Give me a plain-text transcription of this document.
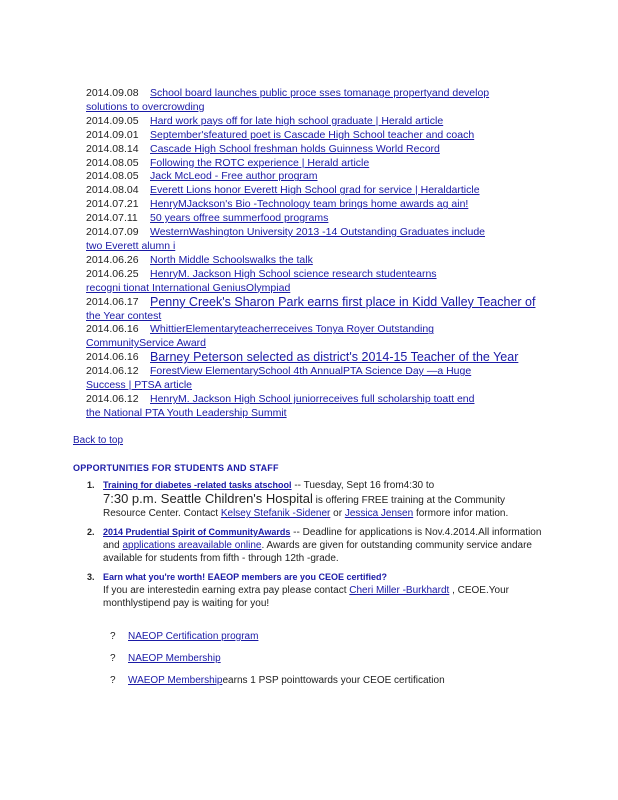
2014.09.08	School board launches public proce sses tomanage propertyand develop
solutions to overcrowding
2014.09.05	Hard work pays off for late high school graduate | Herald article
2014.09.01	September'sfeatured poet is Cascade High School teacher and coach
2014.08.14	Cascade High School freshman holds Guinness World Record
2014.08.05	Following the ROTC experience | Herald article
2014.08.05	Jack McLeod - Free author program
2014.08.04	Everett Lions honor Everett High School grad for service | Heraldarticle
2014.07.21	HenryMJackson's Bio -Technology team brings home awards ag ain!
2014.07.11	50 years offree summerfood programs
2014.07.09	WesternWashington University 2013 -14 Outstanding Graduates include
two Everett alumn i
2014.06.26	North Middle Schoolswalks the talk
2014.06.25	HenryM. Jackson High School science research studentearns
recogni tionat International GeniusOlympiad
2014.06.17 Penny Creek's Sharon Park earns first place in Kidd Valley Teacher of
the Year contest
2014.06.16	WhittierElementaryteacherreceives Tonya Royer Outstanding
CommunityService Award
2014.06.16 Barney Peterson selected as district's 2014-15 Teacher of the Year
2014.06.12	ForestView ElementarySchool 4th AnnualPTA Science Day —a Huge
Success | PTSA article
2014.06.12	HenryM. Jackson High School juniorreceives full scholarship toatt end
the National PTA Youth Leadership Summit
Back to top
OPPORTUNITIES FOR STUDENTS AND STAFF
1. Training for diabetes -related tasks atschool -- Tuesday, Sept 16 from4:30 to
7:30 p.m. Seattle Children's Hospital is offering FREE training at the Community Resource Center. Contact Kelsey Stefanik -Sidener or Jessica Jensen formore infor mation.
2. 2014 Prudential Spirit of CommunityAwards -- Deadline for applications is Nov.4.2014.All information and applications areavailable online. Awards are given for outstanding community service andare available for students from fifth - through 12th -grade.
3. Earn what you're worth! EAEOP members are you CEOE certified?
If you are interestedin earning extra pay please contact Cheri Miller -Burkhardt , CEOE.Your monthlystipend pay is waiting for you!
?	NAEOP Certification program
?	NAEOP Membership
?	WAEOP Membership earns 1 PSP pointtowards your CEOE certification
